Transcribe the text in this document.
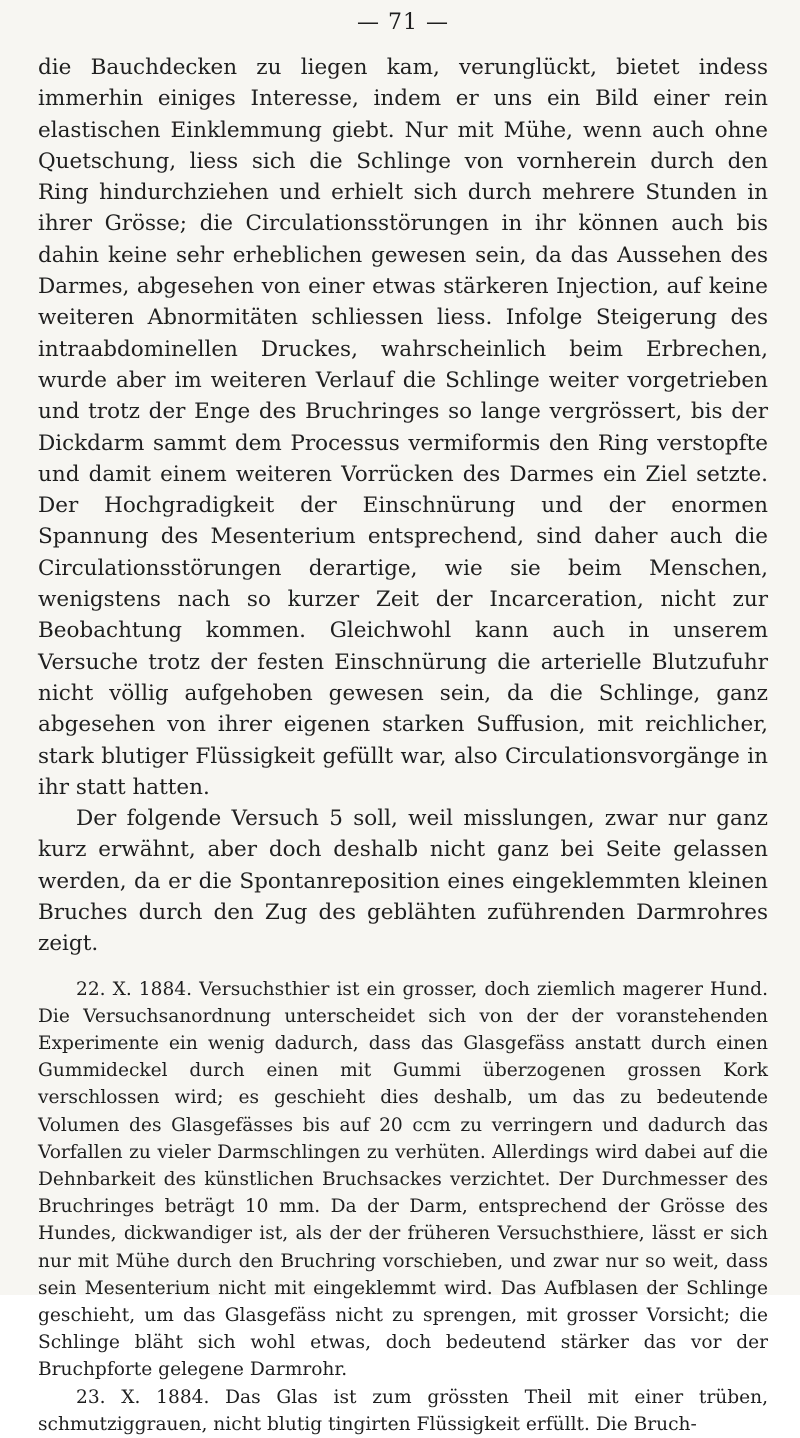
— 71 —

die Bauchdecken zu liegen kam, verunglückt, bietet indess immerhin einiges Interesse, indem er uns ein Bild einer rein elastischen Einklemmung giebt. Nur mit Mühe, wenn auch ohne Quetschung, liess sich die Schlinge von vornherein durch den Ring hindurchziehen und erhielt sich durch mehrere Stunden in ihrer Grösse; die Circulationsstörungen in ihr können auch bis dahin keine sehr erheblichen gewesen sein, da das Aussehen des Darmes, abgesehen von einer etwas stärkeren Injection, auf keine weiteren Abnormitäten schliessen liess. Infolge Steigerung des intraabdominellen Druckes, wahrscheinlich beim Erbrechen, wurde aber im weiteren Verlauf die Schlinge weiter vorgetrieben und trotz der Enge des Bruchringes so lange vergrössert, bis der Dickdarm sammt dem Processus vermiformis den Ring verstopfte und damit einem weiteren Vorrücken des Darmes ein Ziel setzte. Der Hochgradigkeit der Einschnürung und der enormen Spannung des Mesenterium entsprechend, sind daher auch die Circulationsstörungen derartige, wie sie beim Menschen, wenigstens nach so kurzer Zeit der Incarceration, nicht zur Beobachtung kommen. Gleichwohl kann auch in unserem Versuche trotz der festen Einschnürung die arterielle Blutzufuhr nicht völlig aufgehoben gewesen sein, da die Schlinge, ganz abgesehen von ihrer eigenen starken Suffusion, mit reichlicher, stark blutiger Flüssigkeit gefüllt war, also Circulationsvorgänge in ihr statt hatten.

Der folgende Versuch 5 soll, weil misslungen, zwar nur ganz kurz erwähnt, aber doch deshalb nicht ganz bei Seite gelassen werden, da er die Spontanreposition eines eingeklemmten kleinen Bruches durch den Zug des geblähten zuführenden Darmrohres zeigt.

22. X. 1884. Versuchsthier ist ein grosser, doch ziemlich magerer Hund. Die Versuchsanordnung unterscheidet sich von der der voranstehenden Experimente ein wenig dadurch, dass das Glasgefäss anstatt durch einen Gummideckel durch einen mit Gummi überzogenen grossen Kork verschlossen wird; es geschieht dies deshalb, um das zu bedeutende Volumen des Glasgefässes bis auf 20 ccm zu verringern und dadurch das Vorfallen zu vieler Darmschlingen zu verhüten. Allerdings wird dabei auf die Dehnbarkeit des künstlichen Bruchsackes verzichtet. Der Durchmesser des Bruchringes beträgt 10 mm. Da der Darm, entsprechend der Grösse des Hundes, dickwandiger ist, als der der früheren Versuchsthiere, lässt er sich nur mit Mühe durch den Bruchring vorschieben, und zwar nur so weit, dass sein Mesenterium nicht mit eingeklemmt wird. Das Aufblasen der Schlinge geschieht, um das Glasgefäss nicht zu sprengen, mit grosser Vorsicht; die Schlinge bläht sich wohl etwas, doch bedeutend stärker das vor der Bruchpforte gelegene Darmrohr.

23. X. 1884. Das Glas ist zum grössten Theil mit einer trüben, schmutziggrauen, nicht blutig tingirten Flüssigkeit erfüllt. Die Bruch-
